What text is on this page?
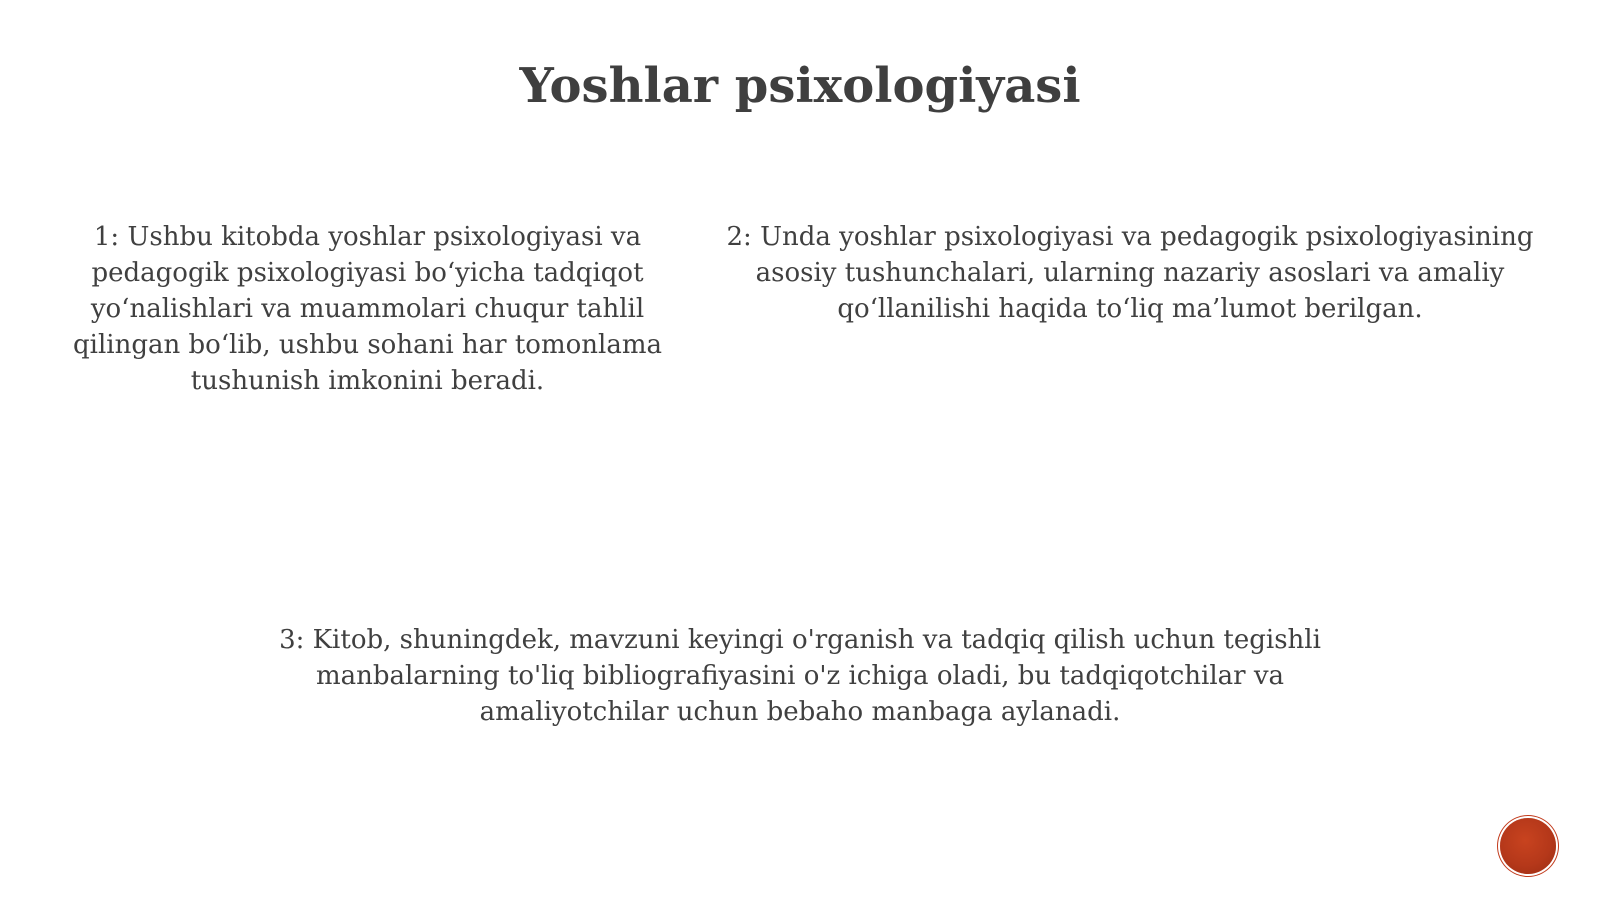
Yoshlar psixologiyasi

1: Ushbu kitobda yoshlar psixologiyasi va pedagogik psixologiyasi bo‘yicha tadqiqot yo‘nalishlari va muammolari chuqur tahlil qilingan bo‘lib, ushbu sohani har tomonlama tushunish imkonini beradi.

2: Unda yoshlar psixologiyasi va pedagogik psixologiyasining asosiy tushunchalari, ularning nazariy asoslari va amaliy qo‘llanilishi haqida to‘liq ma’lumot berilgan.

3: Kitob, shuningdek, mavzuni keyingi o'rganish va tadqiq qilish uchun tegishli manbalarning to'liq bibliografiyasini o'z ichiga oladi, bu tadqiqotchilar va amaliyotchilar uchun bebaho manbaga aylanadi.
